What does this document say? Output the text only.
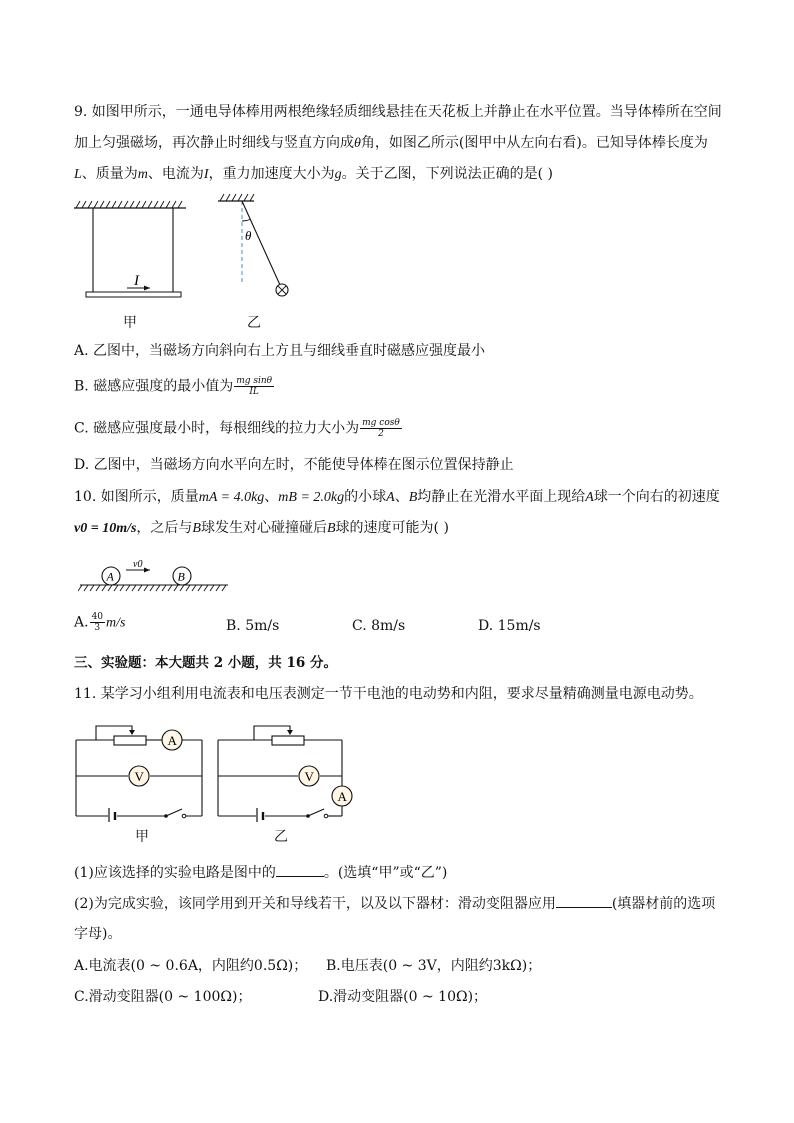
9. 如图甲所示，一通电导体棒用两根绝缘轻质细线悬挂在天花板上并静止在水平位置。当导体棒所在空间
加上匀强磁场，再次静止时细线与竖直方向成θ角，如图乙所示(图甲中从左向右看)。已知导体棒长度为
L、质量为m、电流为I，重力加速度大小为g。关于乙图，下列说法正确的是( )
I
甲
θ
乙
A. 乙图中，当磁场方向斜向右上方且与细线垂直时磁感应强度最小
B. 磁感应强度的最小值为 $\frac{\text{mg sinθ}}{IL}$
C. 磁感应强度最小时，每根细线的拉力大小为 $\frac{\text{mg cosθ}}{2}$
D. 乙图中，当磁场方向水平向左时，不能使导体棒在图示位置保持静止
10. 如图所示，质量mA = 4.0kg、mB = 2.0kg的小球A、B均静止在光滑水平面上现给A球一个向右的初速度
v0 = 10m/s，之后与B球发生对心碰撞碰后B球的速度可能为( )
A	B
v0
A. $\frac{40}{3} m/s$	B. 5m/s	C. 8m/s	D. 15m/s
三、实验题：本大题共 2 小题，共 16 分。
11. 某学习小组利用电流表和电压表测定一节干电池的电动势和内阻，要求尽量精确测量电源电动势。
A
V
甲
V
A
乙
(1)应该选择的实验电路是图中的	。(选填“甲”或“乙”)
(2)为完成实验，该同学用到开关和导线若干，以及以下器材：滑动变阻器应用	(填器材前的选项
字母)。
A.电流表(0 ~ 0.6A，内阻约0.5Ω)； B.电压表(0 ~ 3V，内阻约3kΩ)；
C.滑动变阻器(0 ~ 100Ω)；	D.滑动变阻器(0 ~ 10Ω)；
